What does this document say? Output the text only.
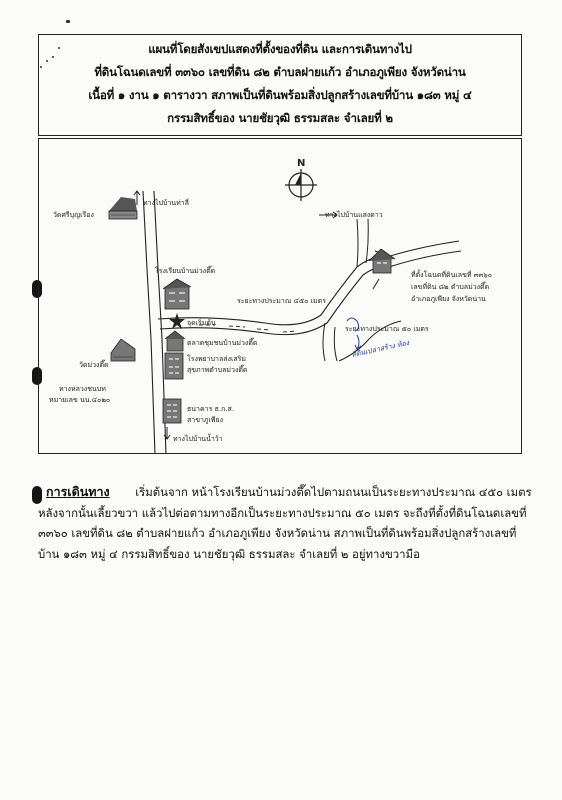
แผนที่โดยสังเขปแสดงที่ตั้งของที่ดิน และการเดินทางไป
ที่ดินโฉนดเลขที่ ๓๓๖๐ เลขที่ดิน ๘๒ ตำบลฝายแก้ว อำเภอภูเพียง จังหวัดน่าน
เนื้อที่ ๑ งาน ๑ ตารางวา สภาพเป็นที่ดินพร้อมสิ่งปลูกสร้างเลขที่บ้าน ๑๘๓ หมู่ ๔
กรรมสิทธิ์ของ นายชัยวุฒิ ธรรมสละ จำเลยที่ ๒
วัดศรีบุญเรือง
ทางไปบ้านท่าลี่
ทางไปบ้านแสงดาว
N
โรงเรียนบ้านม่วงตึ๊ด
ระยะทางประมาณ ๔๕๐ เมตร
จุดเริ่มต้น
ตลาดชุมชนบ้านม่วงตึ๊ด
โรงพยาบาลส่งเสริม
สุขภาพตำบลม่วงตึ๊ด
วัดม่วงตึ๊ด
ทางหลวงชนบท
หมายเลข นน.๔๐๒๐
ธนาคาร ธ.ก.ส.
สาขาภูเพียง
ทางไปบ้านน้ำว้า
ที่ตั้งโฉนดที่ดินเลขที่ ๓๓๖๐
เลขที่ดิน ๘๒ ตำบลม่วงตึ๊ด
อำเภอภูเพียง จังหวัดน่าน
ระยะทางประมาณ ๕๐ เมตร
ที่ดินเปล่าสร้าง ห้อง
การเดินทาง เริ่มต้นจาก หน้าโรงเรียนบ้านม่วงตึ๊ดไปตามถนนเป็นระยะทางประมาณ ๔๕๐ เมตร
หลังจากนั้นเลี้ยวขวา แล้วไปต่อตามทางอีกเป็นระยะทางประมาณ ๕๐ เมตร จะถึงที่ตั้งที่ดินโฉนดเลขที่
๓๓๖๐ เลขที่ดิน ๘๒ ตำบลฝายแก้ว อำเภอภูเพียง จังหวัดน่าน สภาพเป็นที่ดินพร้อมสิ่งปลูกสร้างเลขที่
บ้าน ๑๘๓ หมู่ ๔ กรรมสิทธิ์ของ นายชัยวุฒิ ธรรมสละ จำเลยที่ ๒ อยู่ทางขวามือ
